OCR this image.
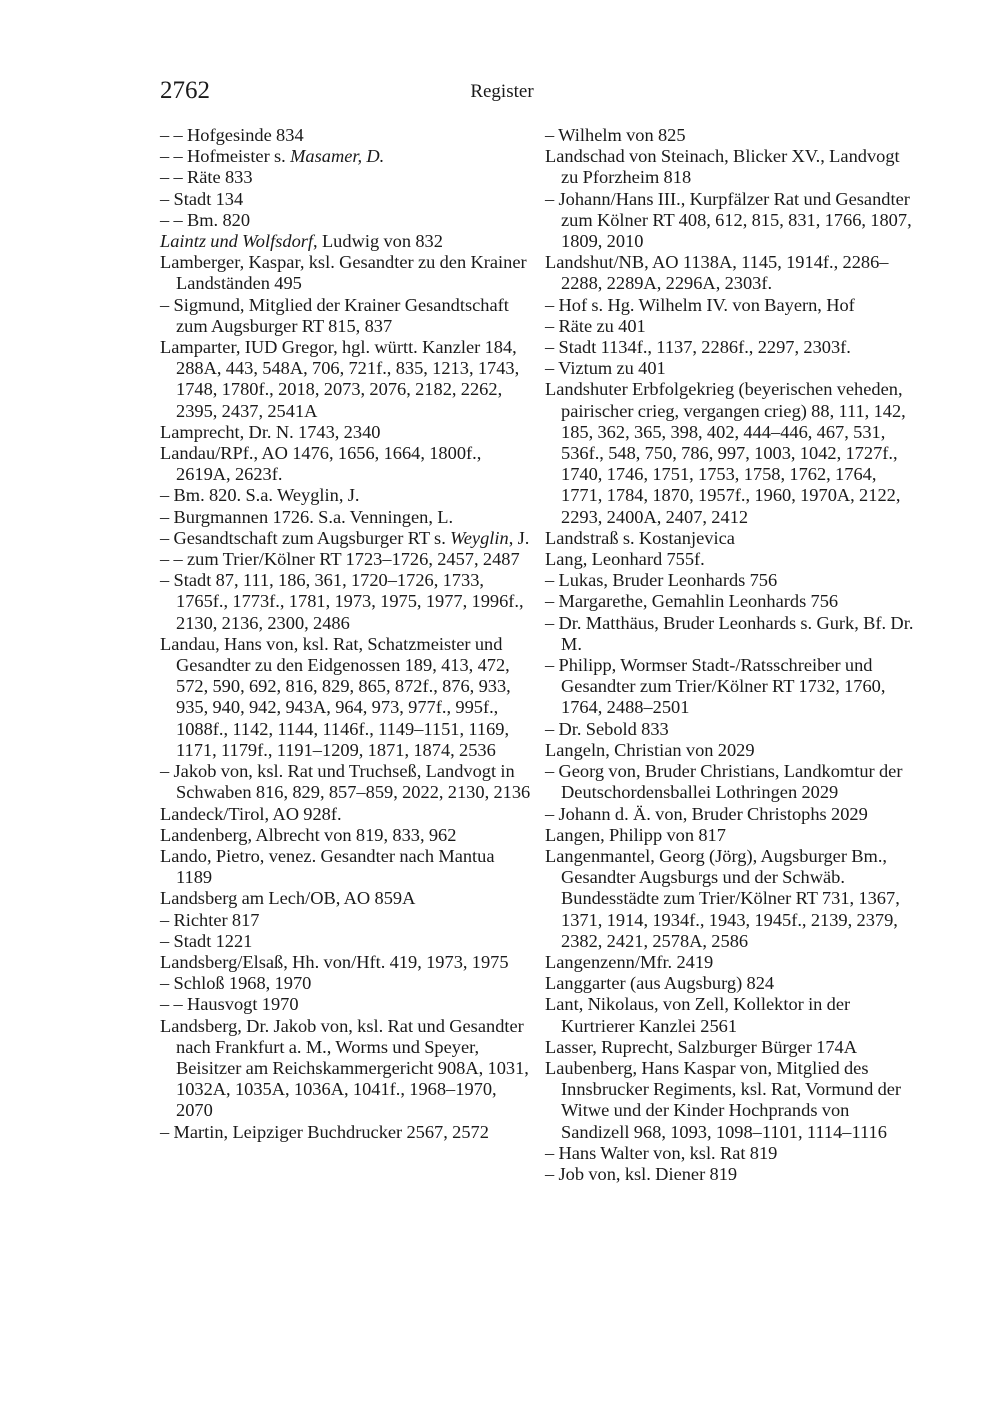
2762	Register
– – Hofgesinde 834
– – Hofmeister s. Masamer, D.
– – Räte 833
– Stadt 134
– – Bm. 820
Laintz und Wolfsdorf, Ludwig von 832
Lamberger, Kaspar, ksl. Gesandter zu den Krainer Landständen 495
– Sigmund, Mitglied der Krainer Gesandtschaft zum Augsburger RT 815, 837
Lamparter, IUD Gregor, hgl. württ. Kanzler 184, 288A, 443, 548A, 706, 721f., 835, 1213, 1743, 1748, 1780f., 2018, 2073, 2076, 2182, 2262, 2395, 2437, 2541A
Lamprecht, Dr. N. 1743, 2340
Landau/RPf., AO 1476, 1656, 1664, 1800f., 2619A, 2623f.
– Bm. 820. S.a. Weyglin, J.
– Burgmannen 1726. S.a. Venningen, L.
– Gesandtschaft zum Augsburger RT s. Weyglin, J.
– – zum Trier/Kölner RT 1723–1726, 2457, 2487
– Stadt 87, 111, 186, 361, 1720–1726, 1733, 1765f., 1773f., 1781, 1973, 1975, 1977, 1996f., 2130, 2136, 2300, 2486
Landau, Hans von, ksl. Rat, Schatzmeister und Gesandter zu den Eidgenossen 189, 413, 472, 572, 590, 692, 816, 829, 865, 872f., 876, 933, 935, 940, 942, 943A, 964, 973, 977f., 995f., 1088f., 1142, 1144, 1146f., 1149–1151, 1169, 1171, 1179f., 1191–1209, 1871, 1874, 2536
– Jakob von, ksl. Rat und Truchseß, Landvogt in Schwaben 816, 829, 857–859, 2022, 2130, 2136
Landeck/Tirol, AO 928f.
Landenberg, Albrecht von 819, 833, 962
Lando, Pietro, venez. Gesandter nach Mantua 1189
Landsberg am Lech/OB, AO 859A
– Richter 817
– Stadt 1221
Landsberg/Elsaß, Hh. von/Hft. 419, 1973, 1975
– Schloß 1968, 1970
– – Hausvogt 1970
Landsberg, Dr. Jakob von, ksl. Rat und Gesandter nach Frankfurt a. M., Worms und Speyer, Beisitzer am Reichskammergericht 908A, 1031, 1032A, 1035A, 1036A, 1041f., 1968–1970, 2070
– Martin, Leipziger Buchdrucker 2567, 2572
– Wilhelm von 825
Landschad von Steinach, Blicker XV., Landvogt zu Pforzheim 818
– Johann/Hans III., Kurpfälzer Rat und Gesandter zum Kölner RT 408, 612, 815, 831, 1766, 1807, 1809, 2010
Landshut/NB, AO 1138A, 1145, 1914f., 2286–2288, 2289A, 2296A, 2303f.
– Hof s. Hg. Wilhelm IV. von Bayern, Hof
– Räte zu 401
– Stadt 1134f., 1137, 2286f., 2297, 2303f.
– Viztum zu 401
Landshuter Erbfolgekrieg (beyerischen veheden, pairischer crieg, vergangen crieg) 88, 111, 142, 185, 362, 365, 398, 402, 444–446, 467, 531, 536f., 548, 750, 786, 997, 1003, 1042, 1727f., 1740, 1746, 1751, 1753, 1758, 1762, 1764, 1771, 1784, 1870, 1957f., 1960, 1970A, 2122, 2293, 2400A, 2407, 2412
Landstraß s. Kostanjevica
Lang, Leonhard 755f.
– Lukas, Bruder Leonhards 756
– Margarethe, Gemahlin Leonhards 756
– Dr. Matthäus, Bruder Leonhards s. Gurk, Bf. Dr. M.
– Philipp, Wormser Stadt-/Ratsschreiber und Gesandter zum Trier/Kölner RT 1732, 1760, 1764, 2488–2501
– Dr. Sebold 833
Langeln, Christian von 2029
– Georg von, Bruder Christians, Landkomtur der Deutschordensballei Lothringen 2029
– Johann d. Ä. von, Bruder Christophs 2029
Langen, Philipp von 817
Langenmantel, Georg (Jörg), Augsburger Bm., Gesandter Augsburgs und der Schwäb. Bundesstädte zum Trier/Kölner RT 731, 1367, 1371, 1914, 1934f., 1943, 1945f., 2139, 2379, 2382, 2421, 2578A, 2586
Langenzenn/Mfr. 2419
Langgarter (aus Augsburg) 824
Lant, Nikolaus, von Zell, Kollektor in der Kurtrierer Kanzlei 2561
Lasser, Ruprecht, Salzburger Bürger 174A
Laubenberg, Hans Kaspar von, Mitglied des Innsbrucker Regiments, ksl. Rat, Vormund der Witwe und der Kinder Hochprands von Sandizell 968, 1093, 1098–1101, 1114–1116
– Hans Walter von, ksl. Rat 819
– Job von, ksl. Diener 819
